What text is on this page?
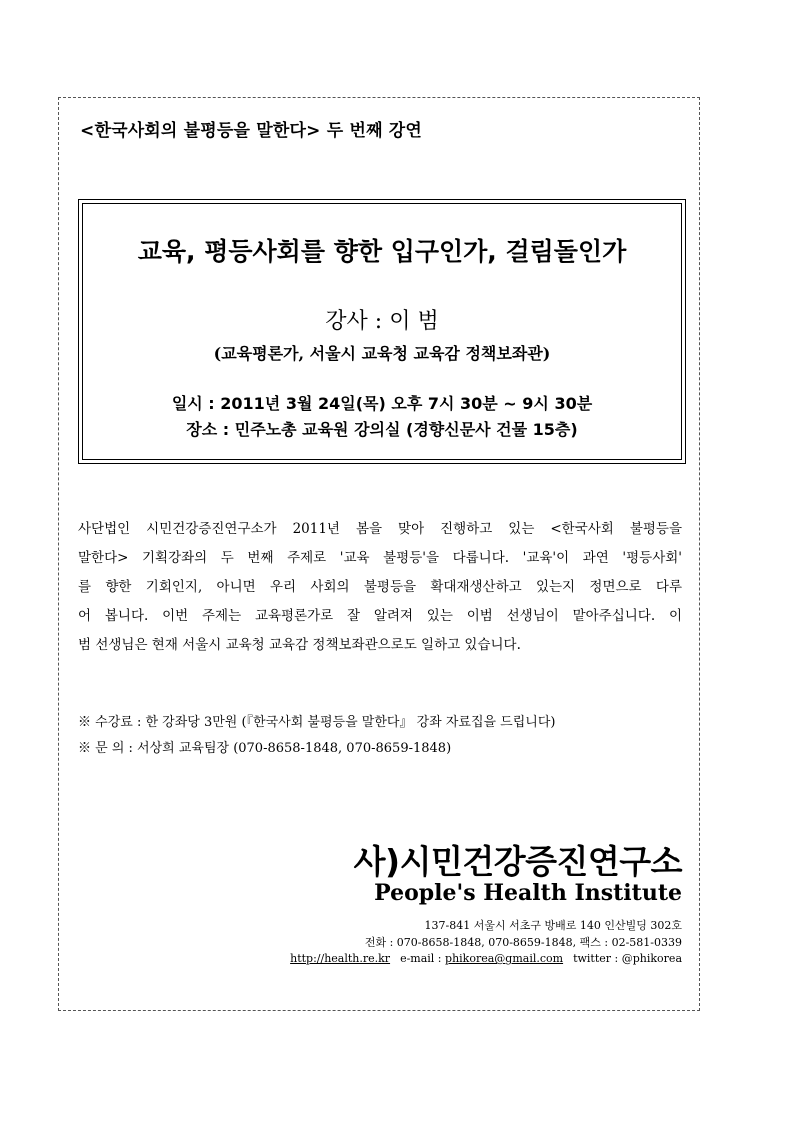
<한국사회의 불평등을 말한다> 두 번째 강연
교육, 평등사회를 향한 입구인가, 걸림돌인가
강사 : 이 범
(교육평론가, 서울시 교육청 교육감 정책보좌관)
일시 : 2011년 3월 24일(목) 오후 7시 30분 ~ 9시 30분
장소 : 민주노총 교육원 강의실 (경향신문사 건물 15층)
사단법인 시민건강증진연구소가 2011년 봄을 맞아 진행하고 있는 <한국사회 불평등을
말한다> 기획강좌의 두 번째 주제로 '교육 불평등'을 다룹니다. '교육'이 과연 '평등사회'
를 향한 기회인지, 아니면 우리 사회의 불평등을 확대재생산하고 있는지 정면으로 다루
어 봅니다. 이번 주제는 교육평론가로 잘 알려져 있는 이범 선생님이 맡아주십니다. 이
범 선생님은 현재 서울시 교육청 교육감 정책보좌관으로도 일하고 있습니다.
※ 수강료 : 한 강좌당 3만원 (『한국사회 불평등을 말한다』 강좌 자료집을 드립니다)
※ 문 의 : 서상희 교육팀장 (070-8658-1848, 070-8659-1848)
사)시민건강증진연구소
People's Health Institute
137-841 서울시 서초구 방배로 140 인산빌딩 302호
전화 : 070-8658-1848, 070-8659-1848, 팩스 : 02-581-0339
http://health.re.kr e-mail : phikorea@gmail.com twitter : @phikorea
